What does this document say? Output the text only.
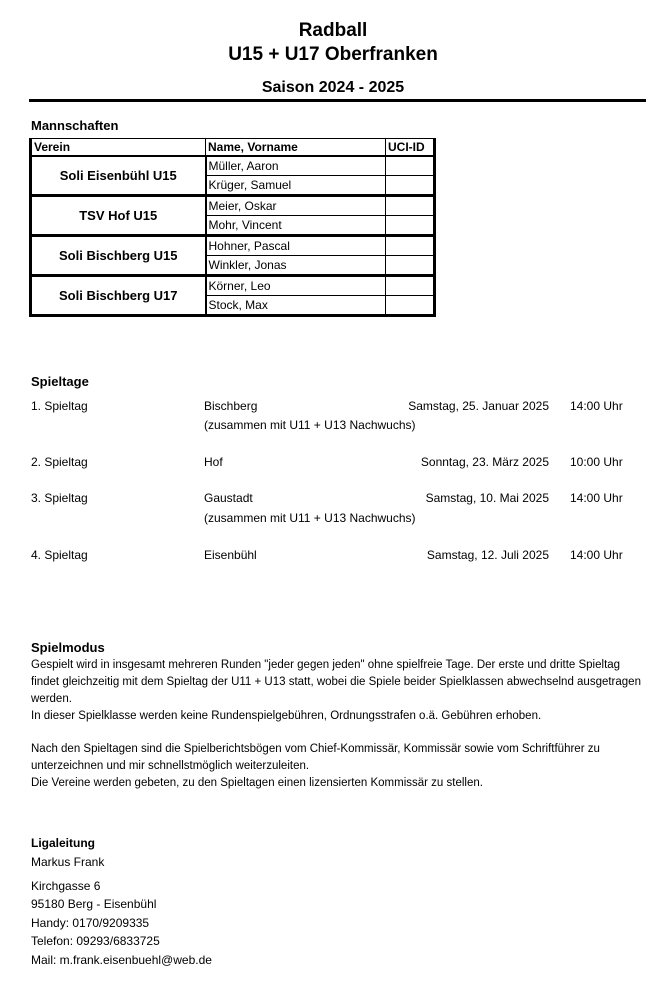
Radball
U15 + U17 Oberfranken
Saison 2024 - 2025
Mannschaften
Verein	Name, Vorname	UCI-ID
Soli Eisenbühl U15	Müller, Aaron	
	Krüger, Samuel	
TSV Hof U15	Meier, Oskar	
	Mohr, Vincent	
Soli Bischberg U15	Hohner, Pascal	
	Winkler, Jonas	
Soli Bischberg U17	Körner, Leo	
	Stock, Max	
Spieltage
1. Spieltag	Bischberg	Samstag, 25. Januar 2025 14:00 Uhr
(zusammen mit U11 + U13 Nachwuchs)
2. Spieltag	Hof	Sonntag, 23. März 2025 10:00 Uhr
3. Spieltag	Gaustadt	Samstag, 10. Mai 2025 14:00 Uhr
(zusammen mit U11 + U13 Nachwuchs)
4. Spieltag	Eisenbühl	Samstag, 12. Juli 2025 14:00 Uhr
Spielmodus
Gespielt wird in insgesamt mehreren Runden "jeder gegen jeden" ohne spielfreie Tage. Der erste und dritte Spieltag findet gleichzeitig mit dem Spieltag der U11 + U13 statt, wobei die Spiele beider Spielklassen abwechselnd ausgetragen werden.
In dieser Spielklasse werden keine Rundenspielgebühren, Ordnungsstrafen o.ä. Gebühren erhoben.
Nach den Spieltagen sind die Spielberichtsbögen vom Chief-Kommissär, Kommissär sowie vom Schriftführer zu unterzeichnen und mir schnellstmöglich weiterzuleiten.
Die Vereine werden gebeten, zu den Spieltagen einen lizensierten Kommissär zu stellen.
Ligaleitung
Markus Frank
Kirchgasse 6
95180 Berg - Eisenbühl
Handy: 0170/9209335
Telefon: 09293/6833725
Mail: m.frank.eisenbuehl@web.de
